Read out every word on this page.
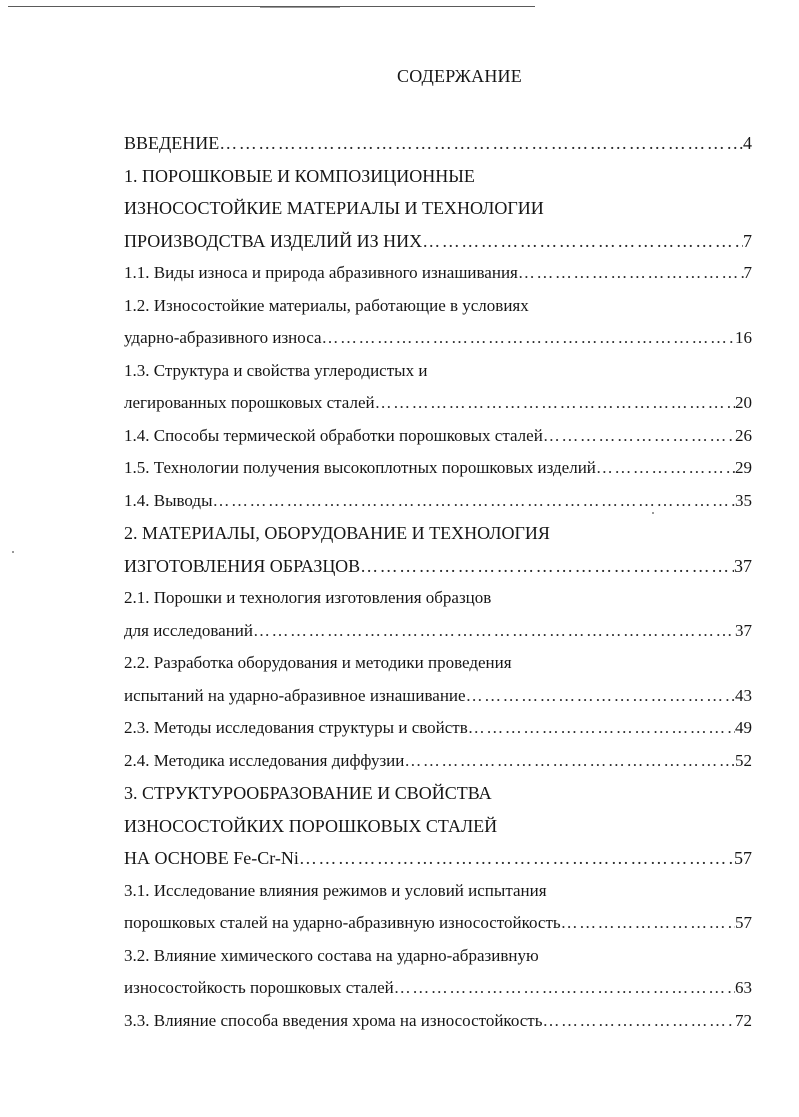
СОДЕРЖАНИЕ
ВВЕДЕНИЕ ……………………………………………………………………………………………………………………………………………………	4
1. ПОРОШКОВЫЕ И КОМПОЗИЦИОННЫЕ
ИЗНОСОСТОЙКИЕ МАТЕРИАЛЫ И ТЕХНОЛОГИИ
ПРОИЗВОДСТВА ИЗДЕЛИЙ ИЗ НИХ ……………………………………………………………………………………………………………………………………………………	7
1.1. Виды износа и природа абразивного изнашивания ……………………………………………………………………………………………………………………………………………………	7
1.2. Износостойкие материалы, работающие в условиях
ударно-абразивного износа ……………………………………………………………………………………………………………………………………………………	16
1.3. Структура и свойства углеродистых и
легированных порошковых сталей ……………………………………………………………………………………………………………………………………………………	20
1.4. Способы термической обработки порошковых сталей ……………………………………………………………………………………………………………………………………………………	26
1.5. Технологии получения высокоплотных порошковых изделий ……………………………………………………………………………………………………………………………………………………	29
1.4. Выводы ……………………………………………………………………………………………………………………………………………………	35
2. МАТЕРИАЛЫ, ОБОРУДОВАНИЕ И ТЕХНОЛОГИЯ
ИЗГОТОВЛЕНИЯ ОБРАЗЦОВ ……………………………………………………………………………………………………………………………………………………	37
2.1. Порошки и технология изготовления образцов
для исследований ……………………………………………………………………………………………………………………………………………………	37
2.2. Разработка оборудования и методики проведения
испытаний на ударно-абразивное изнашивание ……………………………………………………………………………………………………………………………………………………	43
2.3. Методы исследования структуры и свойств ……………………………………………………………………………………………………………………………………………………	49
2.4. Методика исследования диффузии ……………………………………………………………………………………………………………………………………………………	52
3. СТРУКТУРООБРАЗОВАНИЕ И СВОЙСТВА
ИЗНОСОСТОЙКИХ ПОРОШКОВЫХ СТАЛЕЙ
НА ОСНОВЕ Fe-Cr-Ni ……………………………………………………………………………………………………………………………………………………	57
3.1. Исследование влияния режимов и условий испытания
порошковых сталей на ударно-абразивную износостойкость ……………………………………………………………………………………………………………………………………………………	57
3.2. Влияние химического состава на ударно-абразивную
износостойкость порошковых сталей ……………………………………………………………………………………………………………………………………………………	63
3.3. Влияние способа введения хрома на износостойкость ……………………………………………………………………………………………………………………………………………………	72
